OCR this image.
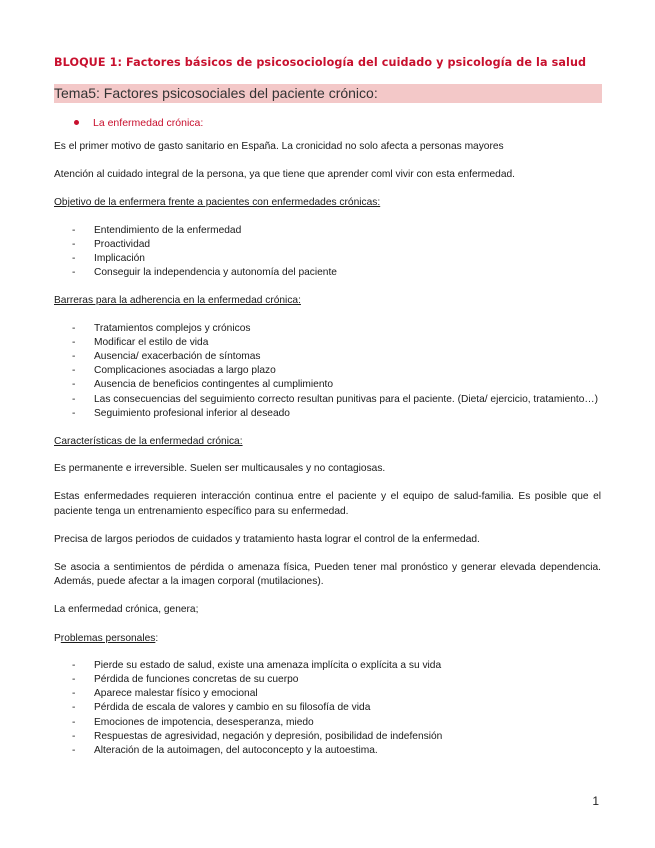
BLOQUE 1: Factores básicos de psicosociología del cuidado y psicología de la salud
Tema5: Factores psicosociales del paciente crónico:
La enfermedad crónica:

Es el primer motivo de gasto sanitario en España. La cronicidad no solo afecta a personas mayores

Atención al cuidado integral de la persona, ya que tiene que aprender coml vivir con esta enfermedad.

Objetivo de la enfermera frente a pacientes con enfermedades crónicas:

- Entendimiento de la enfermedad
- Proactividad
- Implicación
- Conseguir la independencia y autonomía del paciente

Barreras para la adherencia en la enfermedad crónica:

- Tratamientos complejos y crónicos
- Modificar el estilo de vida
- Ausencia/ exacerbación de síntomas
- Complicaciones asociadas a largo plazo
- Ausencia de beneficios contingentes al cumplimiento
- Las consecuencias del seguimiento correcto resultan punitivas para el paciente. (Dieta/ ejercicio, tratamiento…)
- Seguimiento profesional inferior al deseado

Características de la enfermedad crónica:

Es permanente e irreversible. Suelen ser multicausales y no contagiosas.

Estas enfermedades requieren interacción continua entre el paciente y el equipo de salud-familia. Es posible que el paciente tenga un entrenamiento específico para su enfermedad.

Precisa de largos periodos de cuidados y tratamiento hasta lograr el control de la enfermedad.

Se asocia a sentimientos de pérdida o amenaza física, Pueden tener mal pronóstico y generar elevada dependencia. Además, puede afectar a la imagen corporal (mutilaciones).

La enfermedad crónica, genera;

Problemas personales:

- Pierde su estado de salud, existe una amenaza implícita o explícita a su vida
- Pérdida de funciones concretas de su cuerpo
- Aparece malestar físico y emocional
- Pérdida de escala de valores y cambio en su filosofía de vida
- Emociones de impotencia, desesperanza, miedo
- Respuestas de agresividad, negación y depresión, posibilidad de indefensión
- Alteración de la autoimagen, del autoconcepto y la autoestima.
1
